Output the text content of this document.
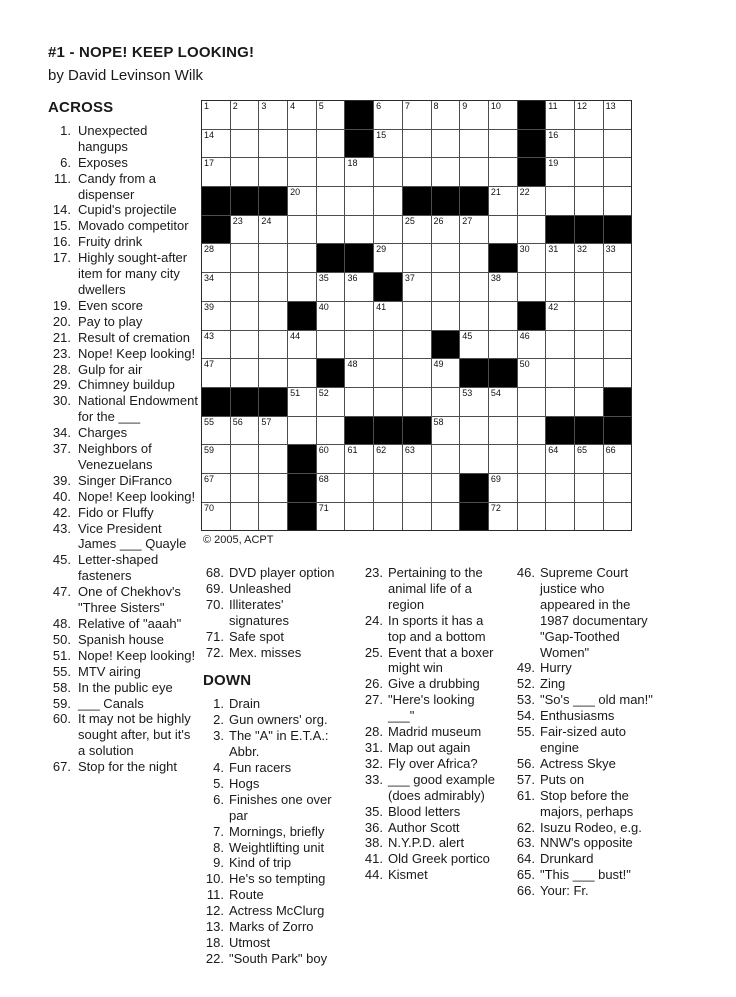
#1 - NOPE! KEEP LOOKING!
by David Levinson Wilk
ACROSS
1. Unexpected hangups
6. Exposes
11. Candy from a dispenser
14. Cupid's projectile
15. Movado competitor
16. Fruity drink
17. Highly sought-after item for many city dwellers
19. Even score
20. Pay to play
21. Result of cremation
23. Nope! Keep looking!
28. Gulp for air
29. Chimney buildup
30. National Endowment for the ___
34. Charges
37. Neighbors of Venezuelans
39. Singer DiFranco
40. Nope! Keep looking!
42. Fido or Fluffy
43. Vice President James ___ Quayle
45. Letter-shaped fasteners
47. One of Chekhov's "Three Sisters"
48. Relative of "aaah"
50. Spanish house
51. Nope! Keep looking!
55. MTV airing
58. In the public eye
59. ___ Canals
60. It may not be highly sought after, but it's a solution
67. Stop for the night
1	2	3	4	5	6	7	8	9	10	11 12 13
14	15	16
17	18	19
20	21 22
23 24	25 26 27
28	29	30 31 32 33
34	35 36	37	38
39	40	41	42
43	44	45	46
47	48	49	50
51 52	53 54
55 56 57	58
59	60 61 62 63	64 65 66
67	68	69
70	71	72
© 2005, ACPT
68. DVD player option
69. Unleashed
70. Illiterates' signatures
71. Safe spot
72. Mex. misses
DOWN
1. Drain
2. Gun owners' org.
3. The "A" in E.T.A.: Abbr.
4. Fun racers
5. Hogs
6. Finishes one over par
7. Mornings, briefly
8. Weightlifting unit
9. Kind of trip
10. He's so tempting
11. Route
12. Actress McClurg
13. Marks of Zorro
18. Utmost
22. "South Park" boy
23. Pertaining to the animal life of a region
24. In sports it has a top and a bottom
25. Event that a boxer might win
26. Give a drubbing
27. "Here's looking ___"
28. Madrid museum
31. Map out again
32. Fly over Africa?
33. ___ good example (does admirably)
35. Blood letters
36. Author Scott
38. N.Y.P.D. alert
41. Old Greek portico
44. Kismet
46. Supreme Court justice who appeared in the 1987 documentary "Gap-Toothed Women"
49. Hurry
52. Zing
53. "So's ___ old man!"
54. Enthusiasms
55. Fair-sized auto engine
56. Actress Skye
57. Puts on
61. Stop before the majors, perhaps
62. Isuzu Rodeo, e.g.
63. NNW's opposite
64. Drunkard
65. "This ___ bust!"
66. Your: Fr.
